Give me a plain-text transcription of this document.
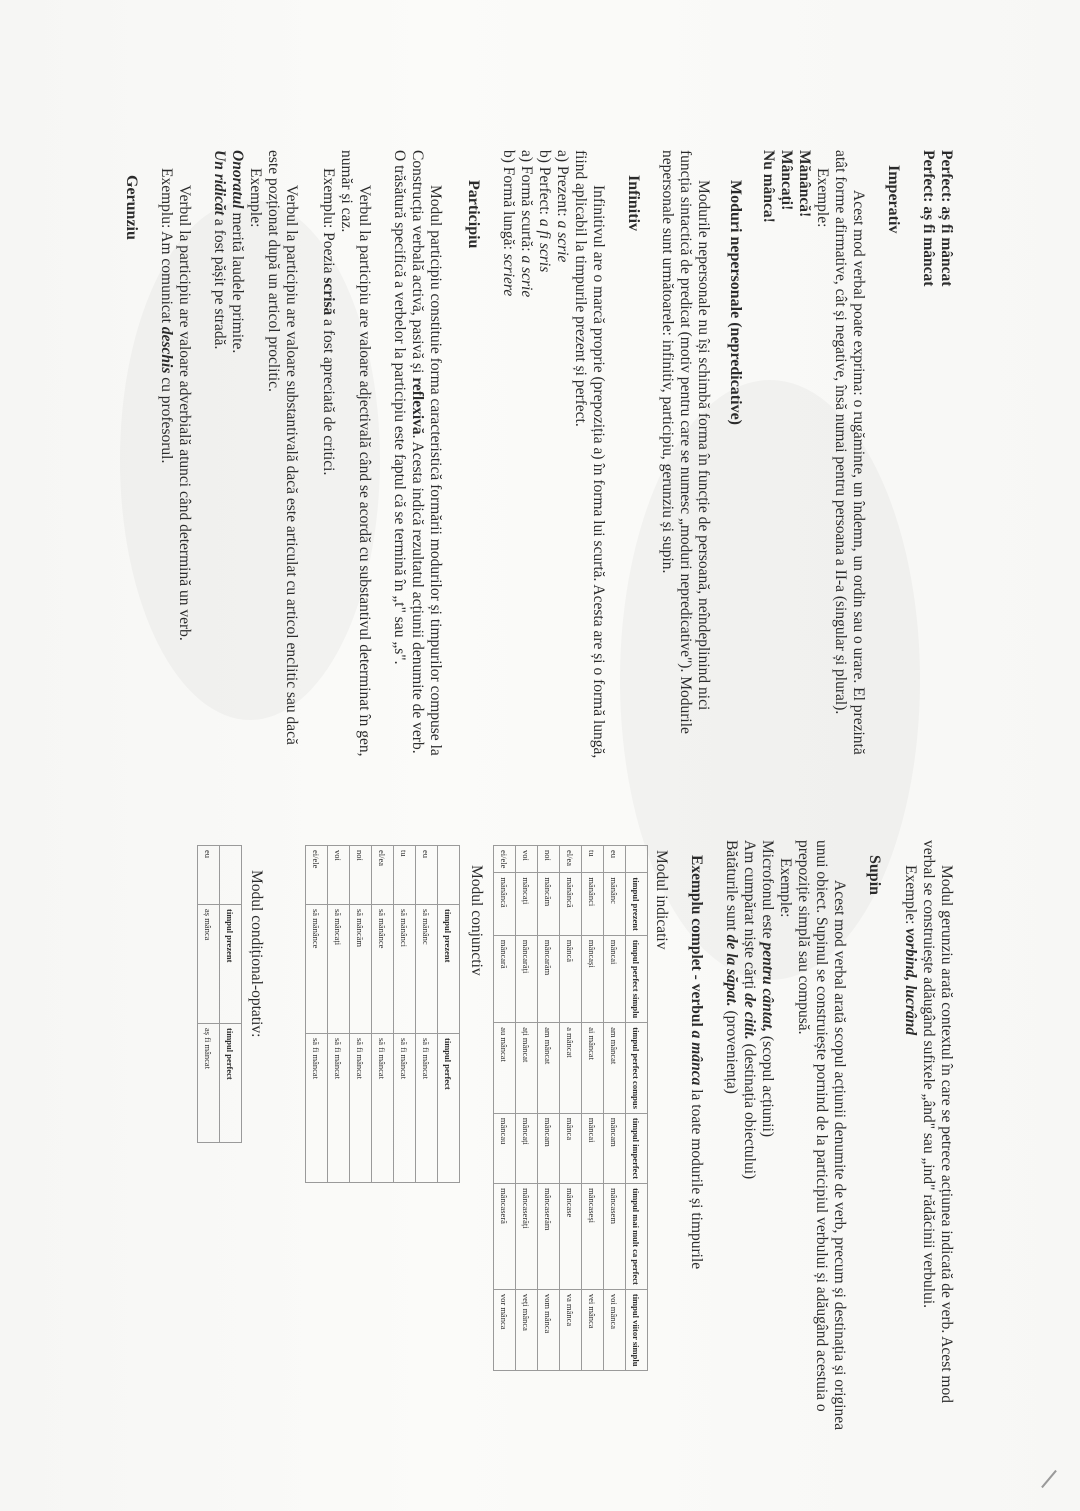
Perfect: aș fi mâncat
Perfect: aș fi mâncat
Imperativ
Acest mod verbal poate exprima: o rugăminte, un îndemn, un ordin sau o urare. El prezintă
atât forme afirmative, cât și negative, însă numai pentru persoana a II-a (singular și plural).
Exemple:
Mănâncă!
Mâncați!
Nu mânca!
Moduri nepersonale (nepredicative)
Modurile nepersonale nu își schimbă forma în funcție de persoană, neîndeplinind nici
funcția sintactică de predicat (motiv pentru care se numesc „moduri nepredicative"). Modurile
nepersonale sunt următoarele: infinitiv, participiu, gerunziu și supin.
Infinitiv
Infinitivul are o marcă proprie (prepoziția a) în forma lui scurtă. Acesta are și o formă lungă,
fiind aplicabil la timpurile prezent și perfect.
a) Prezent: a scrie
b) Perfect: a fi scris
a) Formă scurtă: a scrie
b) Formă lungă: scriere
Participiu
Modul participiu constituie forma caracteristică formării modurilor și timpurilor compuse la
Construcția verbală activă, pasivă și reflexivă. Acesta indică rezultatul acțiunii denumite de verb.
O trăsătură specifică a verbelor la participiu este faptul că se termină în „t" sau „s".
Verbul la participiu are valoare adjectivală când se acordă cu substantivul determinat în gen,
număr și caz.
Exemplu: Poezia scrisă a fost apreciată de critici.
Verbul la participiu are valoare substantivală dacă este articulat cu articol enclitic sau dacă
este pozționat după un articol proclitic.
Exemple:
Onoratul merită laudele primite.
Un ridicăt a fost pășit pe stradă.
Verbul la participiu are valoare adverbială atunci când determină un verb.
Exemplu: Am comunicat deschis cu profesorul.
Gerunziu
Modul gerunziu arată contextul în care se petrece acțiunea indicată de verb. Acest mod
verbal se construiește adăugând sufixele „ând" sau „ind" rădăcinii verbului.
Exemple: vorbind, lucrând
Supin
Acest mod verbal arată scopul acțiunii denumite de verb, precum și destinația și originea
unui obiect. Supinul se construiește pornind de la participiul verbului și adăugând acestuia o
prepoziție simplă sau compusă.
Exemple:
Microfonul este pentru cântat, (scopul acțiunii)
Am cumpărat niște cărți de citit. (destinația obiectului)
Bătăturile sunt de la săpat. (proveniența)
Exemplu complet - verbul a mânca la toate modurile și timpurile
Modul indicativ
	timpul prezent	timpul perfect simplu	timpul perfect compus	timpul imperfect	timpul mai mult ca perfect	timpul viitor simplu
eu	mănânc	mâncai	am mâncat	mâncam	mâncasem	voi mânca
tu	mănânci	mâncași	ai mâncat	mâncai	mâncaseși	vei mânca
el/ea	mănâncă	mâncă	a mâncat	mânca	mâncase	va mânca
noi	mâncăm	mâncarăm	am mâncat	mâncam	mâncaserăm	vom mânca
voi	mâncați	mâncarăți	ați mâncat	mâncați	mâncaserăți	veți mânca
ei/ele	mănâncă	mâncară	au mâncat	mâncau	mâncaseră	vor mânca
Modul conjunctiv
	timpul prezent	timpul perfect
eu	să mănânc	să fi mâncat
tu	să mănânci	să fi mâncat
el/ea	să mănânce	să fi mâncat
noi	să mâncăm	să fi mâncat
voi	să mâncați	să fi mâncat
ei/ele	să mănânce	să fi mâncat
Modul condițional-optativ:
	timpul prezent	timpul perfect
eu	aș mânca	aș fi mâncat
